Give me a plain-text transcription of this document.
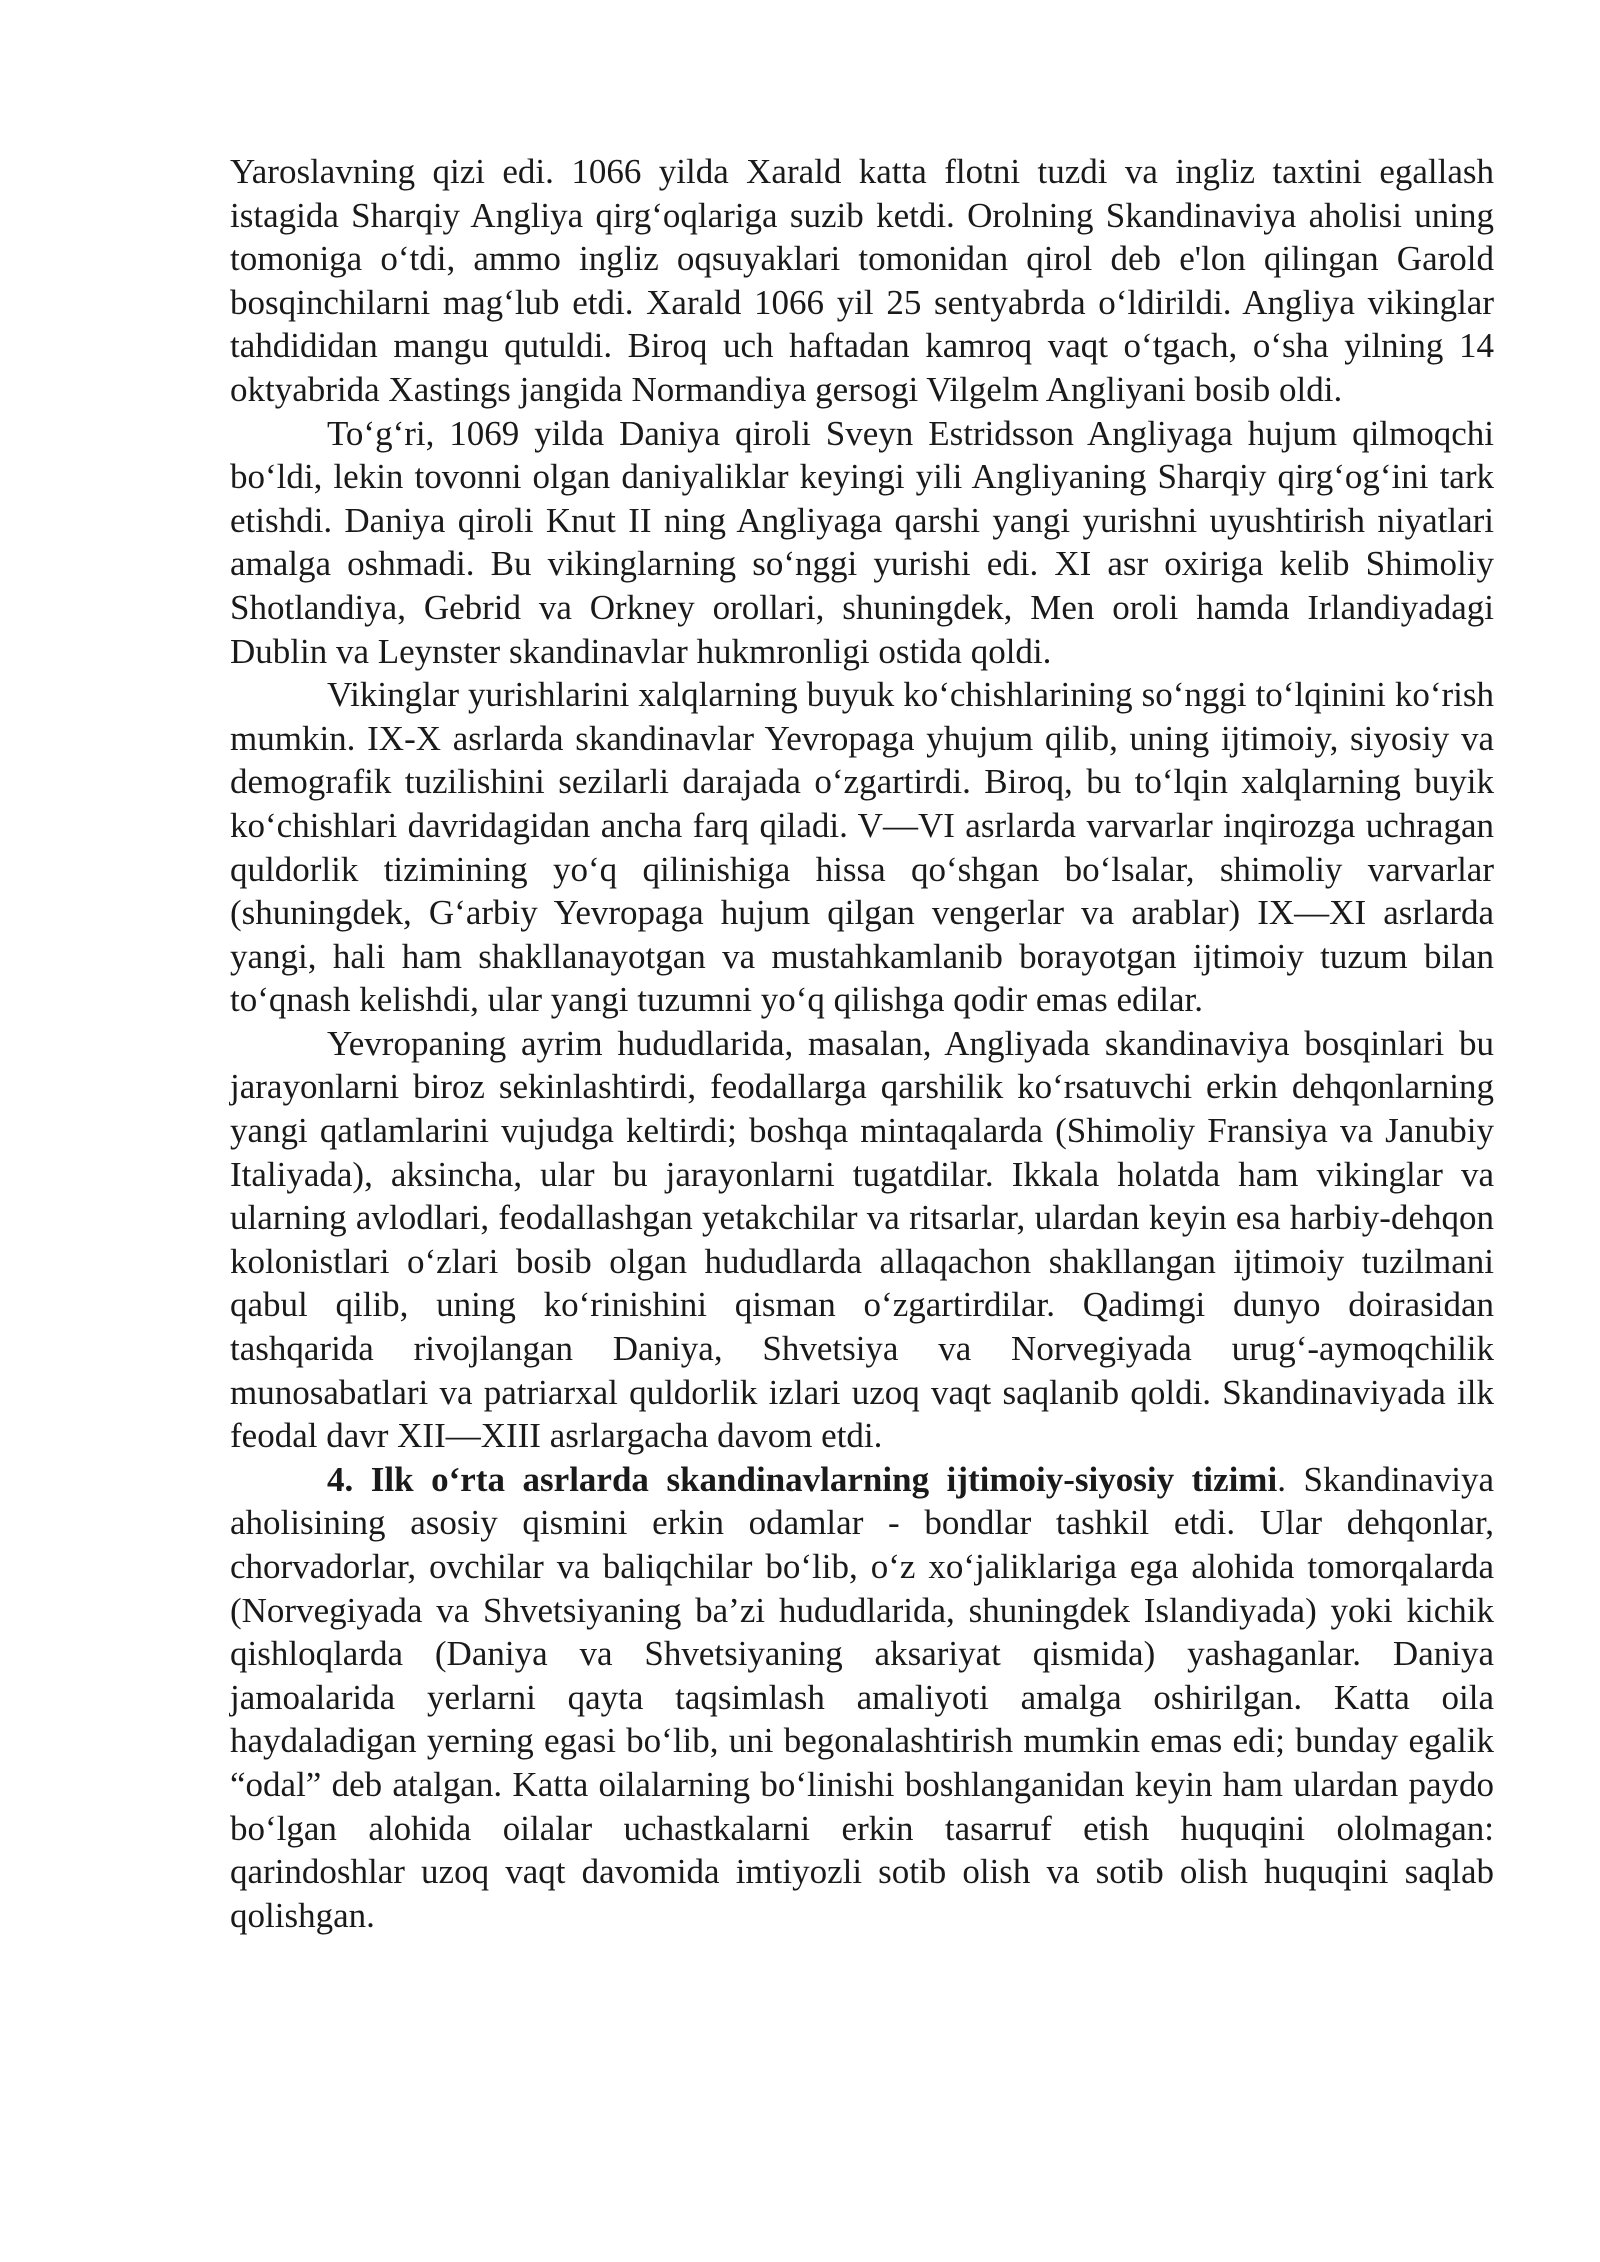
Yaroslavning qizi edi. 1066 yilda Xarald katta flotni tuzdi va ingliz taxtini egallash istagida Sharqiy Angliya qirg‘oqlariga suzib ketdi. Orolning Skandinaviya aholisi uning tomoniga o‘tdi, ammo ingliz oqsuyaklari tomonidan qirol deb e'lon qilingan Garold bosqinchilarni mag‘lub etdi. Xarald 1066 yil 25 sentyabrda o‘ldirildi. Angliya vikinglar tahdididan mangu qutuldi. Biroq uch haftadan kamroq vaqt o‘tgach, o‘sha yilning 14 oktyabrida Xastings jangida Normandiya gersogi Vilgelm Angliyani bosib oldi.

To‘g‘ri, 1069 yilda Daniya qiroli Sveyn Estridsson Angliyaga hujum qilmoqchi bo‘ldi, lekin tovonni olgan daniyaliklar keyingi yili Angliyaning Sharqiy qirg‘og‘ini tark etishdi. Daniya qiroli Knut II ning Angliyaga qarshi yangi yurishni uyushtirish niyatlari amalga oshmadi. Bu vikinglarning so‘nggi yurishi edi. XI asr oxiriga kelib Shimoliy Shotlandiya, Gebrid va Orkney orollari, shuningdek, Men oroli hamda Irlandiyadagi Dublin va Leynster skandinavlar hukmronligi ostida qoldi.

Vikinglar yurishlarini xalqlarning buyuk ko‘chishlarining so‘nggi to‘lqinini ko‘rish mumkin. IX-X asrlarda skandinavlar Yevropaga yhujum qilib, uning ijtimoiy, siyosiy va demografik tuzilishini sezilarli darajada o‘zgartirdi. Biroq, bu to‘lqin xalqlarning buyik ko‘chishlari davridagidan ancha farq qiladi. V—VI asrlarda varvarlar inqirozga uchragan quldorlik tizimining yo‘q qilinishiga hissa qo‘shgan bo‘lsalar, shimoliy varvarlar (shuningdek, G‘arbiy Yevropaga hujum qilgan vengerlar va arablar) IX—XI asrlarda yangi, hali ham shakllanayotgan va mustahkamlanib borayotgan ijtimoiy tuzum bilan to‘qnash kelishdi, ular yangi tuzumni yo‘q qilishga qodir emas edilar.

Yevropaning ayrim hududlarida, masalan, Angliyada skandinaviya bosqinlari bu jarayonlarni biroz sekinlashtirdi, feodallarga qarshilik ko‘rsatuvchi erkin dehqonlarning yangi qatlamlarini vujudga keltirdi; boshqa mintaqalarda (Shimoliy Fransiya va Janubiy Italiyada), aksincha, ular bu jarayonlarni tugatdilar. Ikkala holatda ham vikinglar va ularning avlodlari, feodallashgan yetakchilar va ritsarlar, ulardan keyin esa harbiy-dehqon kolonistlari o‘zlari bosib olgan hududlarda allaqachon shakllangan ijtimoiy tuzilmani qabul qilib, uning ko‘rinishini qisman o‘zgartirdilar. Qadimgi dunyo doirasidan tashqarida rivojlangan Daniya, Shvetsiya va Norvegiyada urug‘-aymoqchilik munosabatlari va patriarxal quldorlik izlari uzoq vaqt saqlanib qoldi. Skandinaviyada ilk feodal davr XII—XIII asrlargacha davom etdi.

4. Ilk o‘rta asrlarda skandinavlarning ijtimoiy-siyosiy tizimi. Skandinaviya aholisining asosiy qismini erkin odamlar - bondlar tashkil etdi. Ular dehqonlar, chorvadorlar, ovchilar va baliqchilar bo‘lib, o‘z xo‘jaliklariga ega alohida tomorqalarda (Norvegiyada va Shvetsiyaning ba’zi hududlarida, shuningdek Islandiyada) yoki kichik qishloqlarda (Daniya va Shvetsiyaning aksariyat qismida) yashaganlar. Daniya jamoalarida yerlarni qayta taqsimlash amaliyoti amalga oshirilgan. Katta oila haydaladigan yerning egasi bo‘lib, uni begonalashtirish mumkin emas edi; bunday egalik “odal” deb atalgan. Katta oilalarning bo‘linishi boshlanganidan keyin ham ulardan paydo bo‘lgan alohida oilalar uchastkalarni erkin tasarruf etish huquqini ololmagan: qarindoshlar uzoq vaqt davomida imtiyozli sotib olish va sotib olish huquqini saqlab qolishgan.
